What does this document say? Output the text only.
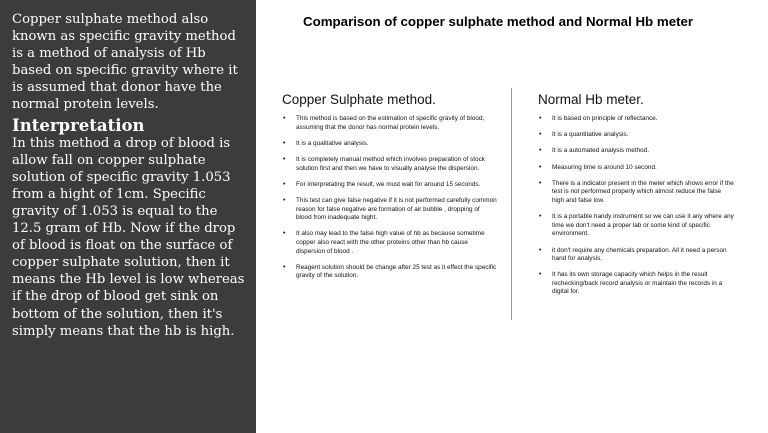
Copper sulphate method also known as specific gravity method is a method of analysis of Hb based on specific gravity where it is assumed that donor have the normal protein levels.

Interpretation

In this method a drop of blood is allow fall on copper sulphate solution of specific gravity 1.053 from a hight of 1cm. Specific gravity of 1.053 is equal to the 12.5 gram of Hb. Now if the drop of blood is float on the surface of copper sulphate solution, then it means the Hb level is low whereas if the drop of blood get sink on bottom of the solution, then it's simply means that the hb is high.

Comparison of copper sulphate method and Normal Hb meter
Copper Sulphate method.
• This method is based on the estimation of specific gravity of blood, assuming that the donor has normal protein levels.
• It is a qualitative analysis.
• It is completely manual method which involves preparation of stock solution first and then we have to visually analyse the dispersion.
• For interpretating the result, we must wait for around 15 seconds.
• This test can give false negative if it is not performed carefully common reason for false negative are formation of air bubble , dropping of blood from inadequate hight.
• It also may lead to the false high value of hb as because sometime copper also react with the other proteins other than hb cause dispersion of blood .
• Reagent solution should be change after 25 test as it effect the specific gravity of the solution.
Normal Hb meter.
• It is based on principle of reflectance.
• It is a quantitative analysis.
• It is a automated analysis method.
• Measuring time is around 10 second.
• There is a indicator present in the meter which shows error if the test is not performed properly which almost reduce the false high and false low.
• It is a portable handy instrument so we can use it any where any time we don't need a proper lab or some kind of specific environment.
• it don't require any chemicals preparation. All it need a person hand for analysis.
• It has its own storage capacity which helps in the result rechecking/back record analysis or maintain the records in a digital for.
